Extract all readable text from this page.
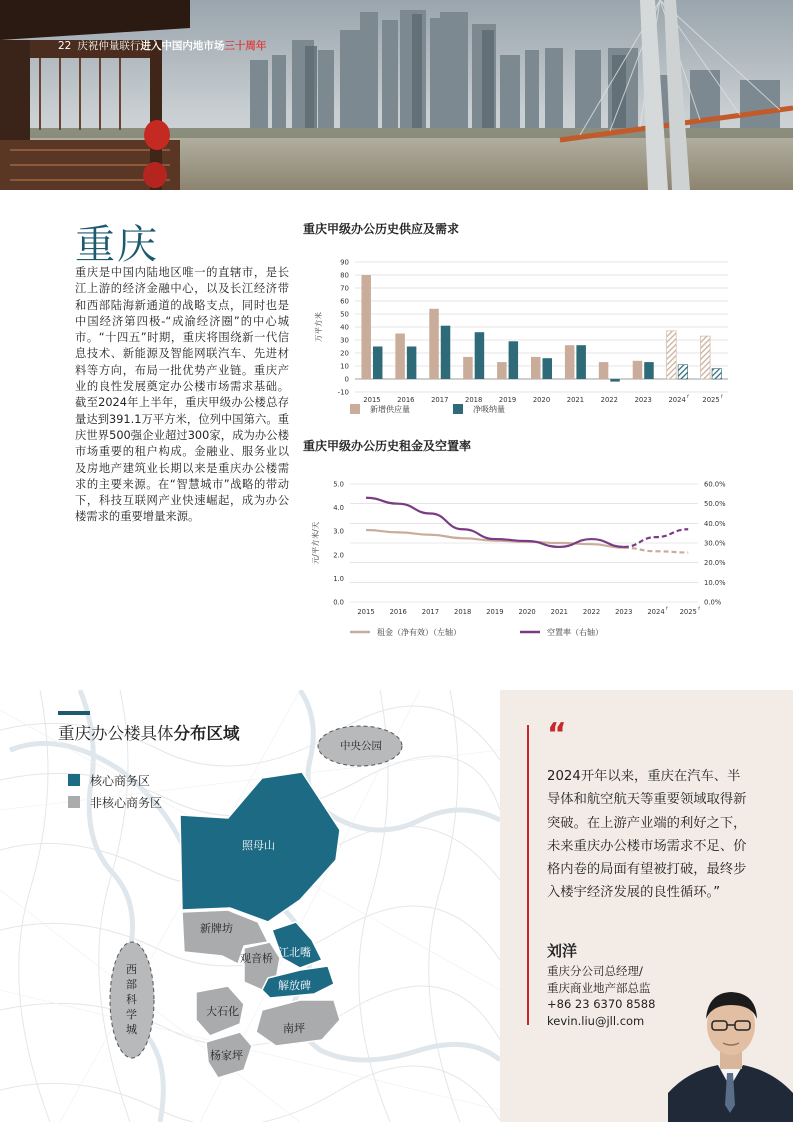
22 庆祝仲量联行进入中国内地市场三十周年
重庆
重庆是中国内陆地区唯一的直辖市，是长江上游的经济金融中心，以及长江经济带和西部陆海新通道的战略支点，同时也是中国经济第四极-“成渝经济圈”的中心城市。“十四五”时期，重庆将围绕新一代信息技术、新能源及智能网联汽车、先进材料等方向，布局一批优势产业链。重庆产业的良性发展奠定办公楼市场需求基础。截至2024年上半年，重庆甲级办公楼总存量达到391.1万平方米，位列中国第六。重庆世界500强企业超过300家，成为办公楼市场重要的租户构成。金融业、服务业以及房地产建筑业长期以来是重庆办公楼需求的主要来源。在“智慧城市”战略的带动下，科技互联网产业快速崛起，成为办公楼需求的重要增量来源。
重庆甲级办公历史供应及需求
90
80
70
60
50
40
30
20
10
0
-10
万平方米
2015 2016 2017 2018 2019 2020 2021 2022 2023 2024 f 2025 f
新增供应量	净吸纳量
重庆甲级办公历史租金及空置率
5.0
4.0
3.0
2.0
1.0
0.0
60.0%
50.0%
40.0%
30.0%
20.0%
10.0%
0.0%
元/平方米/天
2015 2016 2017 2018 2019 2020 2021 2022 2023 2024 f 2025 f
租金（净有效）（左轴）	空置率（右轴）
重庆办公楼具体分布区域
核心商务区
非核心商务区
照母山
新牌坊
观音桥 江北嘴
解放碑
大石化
南坪
杨家坪
中央公园
西部科学城
“
2024开年以来，重庆在汽车、半导体和航空航天等重要领域取得新突破。在上游产业端的利好之下，未来重庆办公楼市场需求不足、价格内卷的局面有望被打破，最终步入楼宇经济发展的良性循环。”
刘洋
重庆分公司总经理/
重庆商业地产部总监
+86 23 6370 8588
kevin.liu@jll.com
